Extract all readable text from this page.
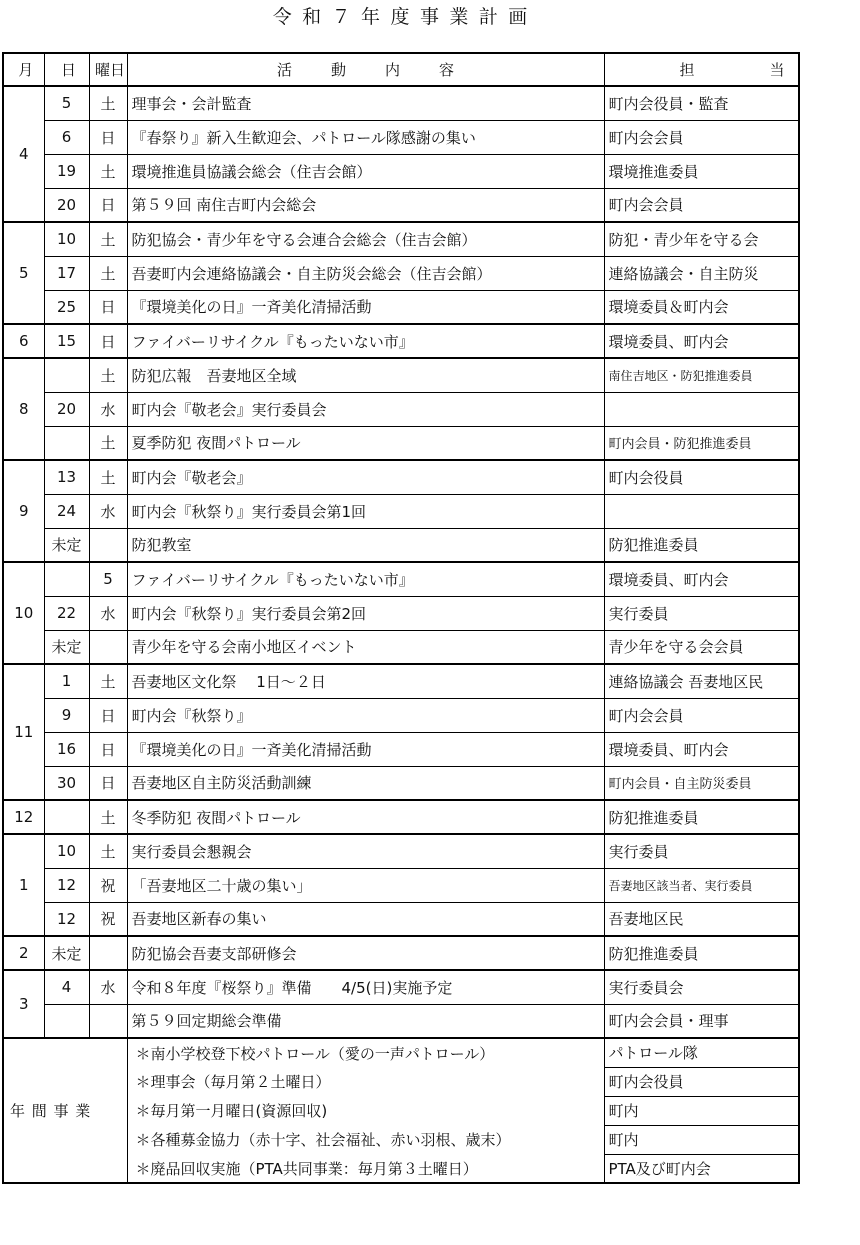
令和７年度事業計画
月	日	曜日	活動内容	担当
4	5	土	理事会・会計監査	町内会役員・監査
	6	日	『春祭り』新入生歓迎会、パトロール隊感謝の集い	町内会会員
	19	土	環境推進員協議会総会（住吉会館）	環境推進委員
	20	日	第５９回 南住吉町内会総会	町内会会員
5	10	土	防犯協会・青少年を守る会連合会総会（住吉会館）	防犯・青少年を守る会
	17	土	吾妻町内会連絡協議会・自主防災会総会（住吉会館）	連絡協議会・自主防災
	25	日	『環境美化の日』一斉美化清掃活動	環境委員＆町内会
6	15	日	ファイバーリサイクル『もったいない市』	環境委員、町内会
8		土	防犯広報　吾妻地区全域	南住吉地区・防犯推進委員
	20	水	町内会『敬老会』実行委員会	
		土	夏季防犯 夜間パトロール	町内会員・防犯推進委員
9	13	土	町内会『敬老会』	町内会役員
	24	水	町内会『秋祭り』実行委員会第1回	
	未定		防犯教室	防犯推進委員
10		5	ファイバーリサイクル『もったいない市』	環境委員、町内会
	22	水	町内会『秋祭り』実行委員会第2回	実行委員
	未定		青少年を守る会南小地区イベント	青少年を守る会会員
11	1	土	吾妻地区文化祭　 1日～２日	連絡協議会 吾妻地区民
	9	日	町内会『秋祭り』	町内会会員
	16	日	『環境美化の日』一斉美化清掃活動	環境委員、町内会
	30	日	吾妻地区自主防災活動訓練	町内会員・自主防災委員
12		土	冬季防犯 夜間パトロール	防犯推進委員
1	10	土	実行委員会懇親会	実行委員
	12	祝	「吾妻地区二十歳の集い」	吾妻地区該当者、実行委員
	12	祝	吾妻地区新春の集い	吾妻地区民
2	未定		防犯協会吾妻支部研修会	防犯推進委員
3	4	水	令和８年度『桜祭り』準備　　4/5(日)実施予定	実行委員会
			第５９回定期総会準備	町内会会員・理事
年間事業			＊南小学校登下校パトロール（愛の一声パトロール）	パトロール隊
			＊理事会（毎月第２土曜日）	町内会役員
			＊毎月第一月曜日(資源回収)	町内
			＊各種募金協力（赤十字、社会福祉、赤い羽根、歳末）	町内
			＊廃品回収実施（PTA共同事業：毎月第３土曜日）	PTA及び町内会
